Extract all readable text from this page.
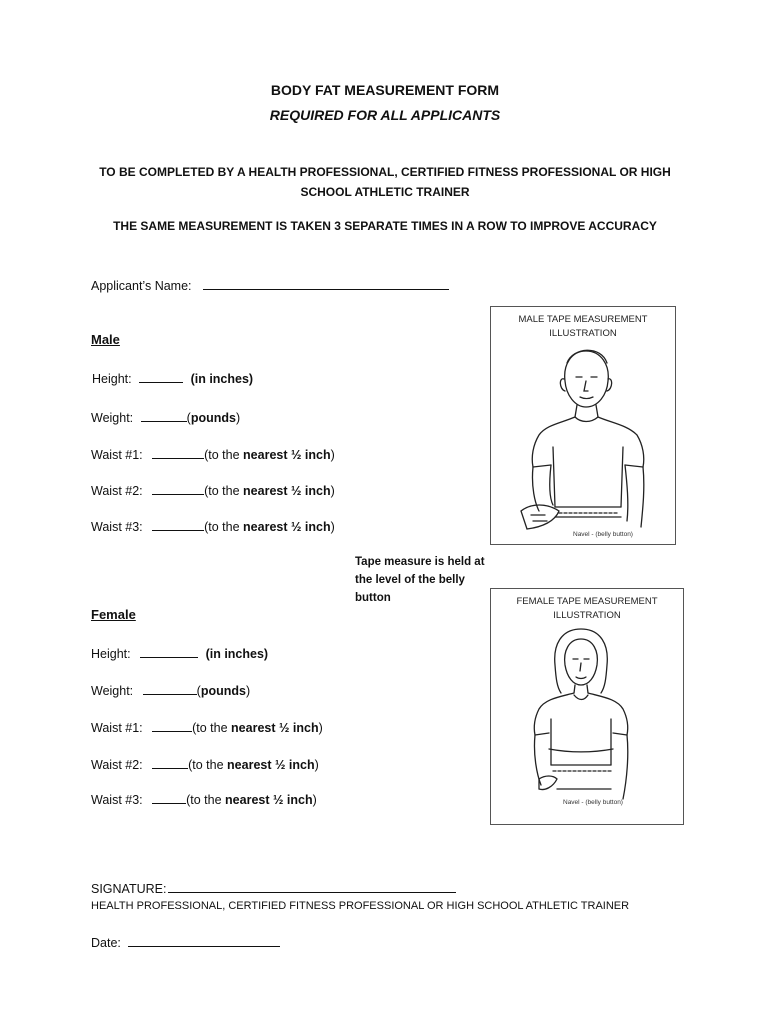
BODY FAT MEASUREMENT FORM
REQUIRED FOR ALL APPLICANTS
TO BE COMPLETED BY A HEALTH PROFESSIONAL, CERTIFIED FITNESS PROFESSIONAL OR HIGH SCHOOL ATHLETIC TRAINER
THE SAME MEASUREMENT IS TAKEN 3 SEPARATE TIMES IN A ROW TO IMPROVE ACCURACY
Applicant’s Name:
Male
Height:	(in inches)
Weight:	(pounds)
Waist #1:	(to the nearest ½ inch)
Waist #2:	(to the nearest ½ inch)
Waist #3:	(to the nearest ½ inch)
Tape measure is held at the level of the belly button
MALE TAPE MEASUREMENT ILLUSTRATION
Navel - (belly button)
Female
Height:	(in inches)
Weight:	(pounds)
Waist #1:	(to the nearest ½ inch)
Waist #2:	(to the nearest ½ inch)
Waist #3:	(to the nearest ½ inch)
FEMALE TAPE MEASUREMENT ILLUSTRATION
Navel - (belly button)
SIGNATURE:
HEALTH PROFESSIONAL, CERTIFIED FITNESS PROFESSIONAL OR HIGH SCHOOL ATHLETIC TRAINER
Date:
